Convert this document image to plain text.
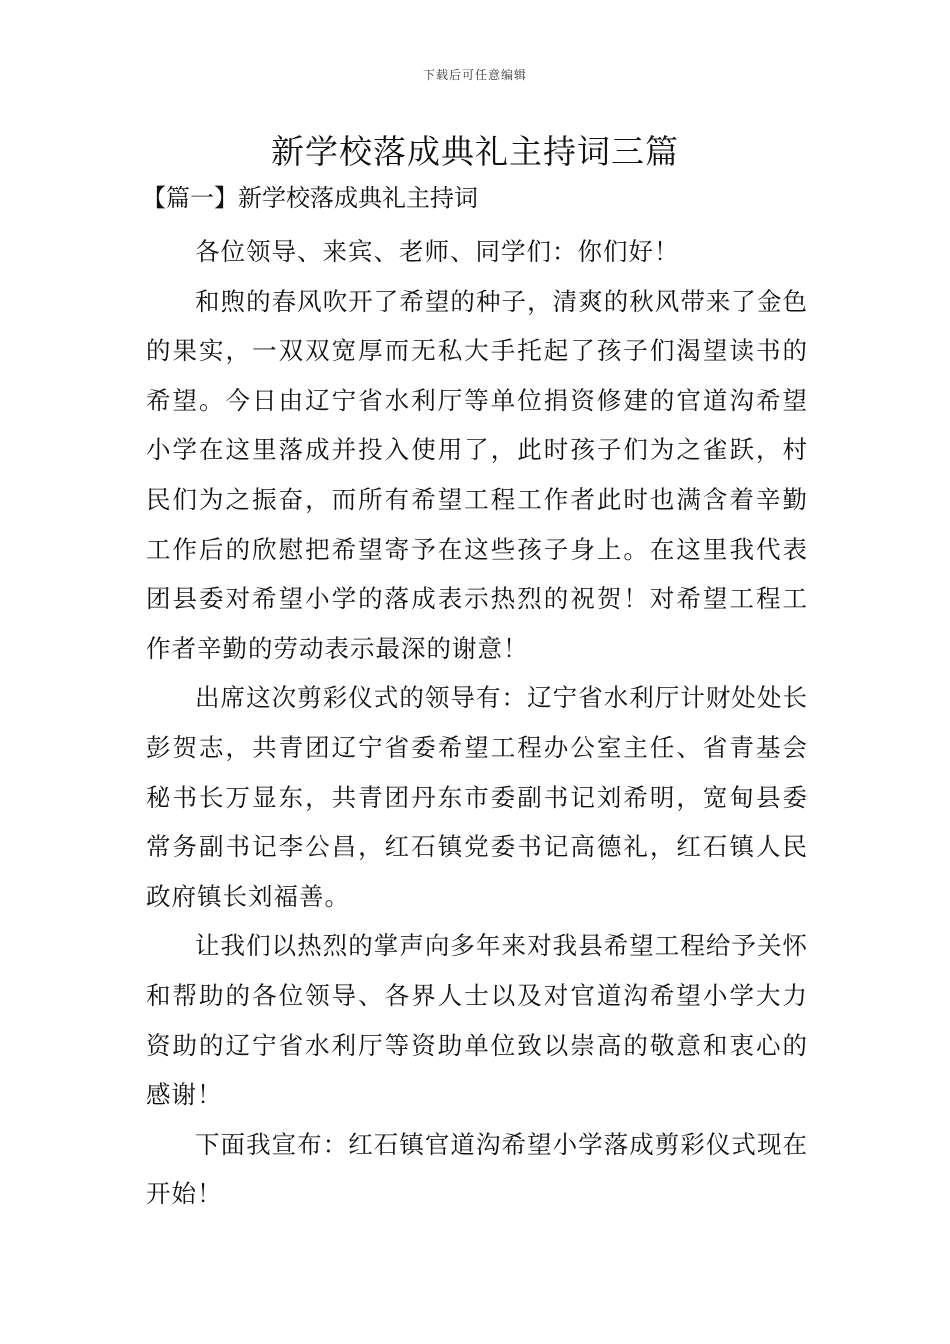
下载后可任意编辑
新学校落成典礼主持词三篇
【篇一】新学校落成典礼主持词

各位领导、来宾、老师、同学们：你们好！

和煦的春风吹开了希望的种子，清爽的秋风带来了金色的果实，一双双宽厚而无私大手托起了孩子们渴望读书的希望。今日由辽宁省水利厅等单位捐资修建的官道沟希望小学在这里落成并投入使用了，此时孩子们为之雀跃，村民们为之振奋，而所有希望工程工作者此时也满含着辛勤工作后的欣慰把希望寄予在这些孩子身上。在这里我代表团县委对希望小学的落成表示热烈的祝贺！对希望工程工作者辛勤的劳动表示最深的谢意！

出席这次剪彩仪式的领导有：辽宁省水利厅计财处处长彭贺志，共青团辽宁省委希望工程办公室主任、省青基会秘书长万显东，共青团丹东市委副书记刘希明，宽甸县委常务副书记李公昌，红石镇党委书记高德礼，红石镇人民政府镇长刘福善。

让我们以热烈的掌声向多年来对我县希望工程给予关怀和帮助的各位领导、各界人士以及对官道沟希望小学大力资助的辽宁省水利厅等资助单位致以崇高的敬意和衷心的感谢！

下面我宣布：红石镇官道沟希望小学落成剪彩仪式现在开始！
